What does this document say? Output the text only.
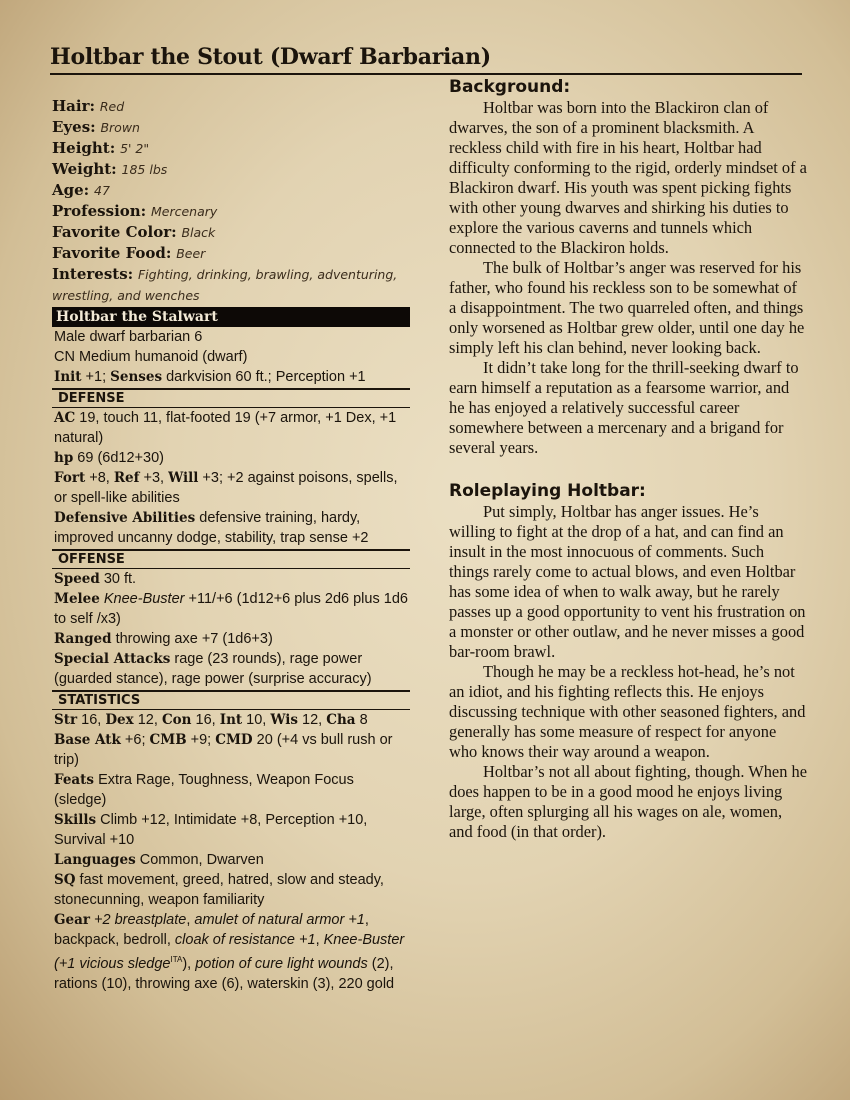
Holtbar the Stout (Dwarf Barbarian)
Hair: Red
Eyes: Brown
Height: 5' 2"
Weight: 185 lbs
Age: 47
Profession: Mercenary
Favorite Color: Black
Favorite Food: Beer
Interests: Fighting, drinking, brawling, adventuring, wrestling, and wenches
Holtbar the Stalwart
Male dwarf barbarian 6
CN Medium humanoid (dwarf)
Init +1; Senses darkvision 60 ft.; Perception +1
DEFENSE
AC 19, touch 11, flat-footed 19 (+7 armor, +1 Dex, +1 natural)
hp 69 (6d12+30)
Fort +8, Ref +3, Will +3; +2 against poisons, spells, or spell-like abilities
Defensive Abilities defensive training, hardy, improved uncanny dodge, stability, trap sense +2
OFFENSE
Speed 30 ft.
Melee Knee-Buster +11/+6 (1d12+6 plus 2d6 plus 1d6 to self /x3)
Ranged throwing axe +7 (1d6+3)
Special Attacks rage (23 rounds), rage power (guarded stance), rage power (surprise accuracy)
STATISTICS
Str 16, Dex 12, Con 16, Int 10, Wis 12, Cha 8
Base Atk +6; CMB +9; CMD 20 (+4 vs bull rush or trip)
Feats Extra Rage, Toughness, Weapon Focus (sledge)
Skills Climb +12, Intimidate +8, Perception +10, Survival +10
Languages Common, Dwarven
SQ fast movement, greed, hatred, slow and steady, stonecunning, weapon familiarity
Gear +2 breastplate, amulet of natural armor +1, backpack, bedroll, cloak of resistance +1, Knee-Buster (+1 vicious sledge$^{ITA}$), potion of cure light wounds (2), rations (10), throwing axe (6), waterskin (3), 220 gold
Background:

Holtbar was born into the Blackiron clan of dwarves, the son of a prominent blacksmith. A reckless child with fire in his heart, Holtbar had difficulty conforming to the rigid, orderly mindset of a Blackiron dwarf. His youth was spent picking fights with other young dwarves and shirking his duties to explore the various caverns and tunnels which connected to the Blackiron holds.

The bulk of Holtbar’s anger was reserved for his father, who found his reckless son to be somewhat of a disappointment. The two quarreled often, and things only worsened as Holtbar grew older, until one day he simply left his clan behind, never looking back.

It didn’t take long for the thrill-seeking dwarf to earn himself a reputation as a fearsome warrior, and he has enjoyed a relatively successful career somewhere between a mercenary and a brigand for several years.

Roleplaying Holtbar:

Put simply, Holtbar has anger issues. He’s willing to fight at the drop of a hat, and can find an insult in the most innocuous of comments. Such things rarely come to actual blows, and even Holtbar has some idea of when to walk away, but he rarely passes up a good opportunity to vent his frustration on a monster or other outlaw, and he never misses a good bar-room brawl.

Though he may be a reckless hot-head, he’s not an idiot, and his fighting reflects this. He enjoys discussing technique with other seasoned fighters, and generally has some measure of respect for anyone who knows their way around a weapon.

Holtbar’s not all about fighting, though. When he does happen to be in a good mood he enjoys living large, often splurging all his wages on ale, women, and food (in that order).
